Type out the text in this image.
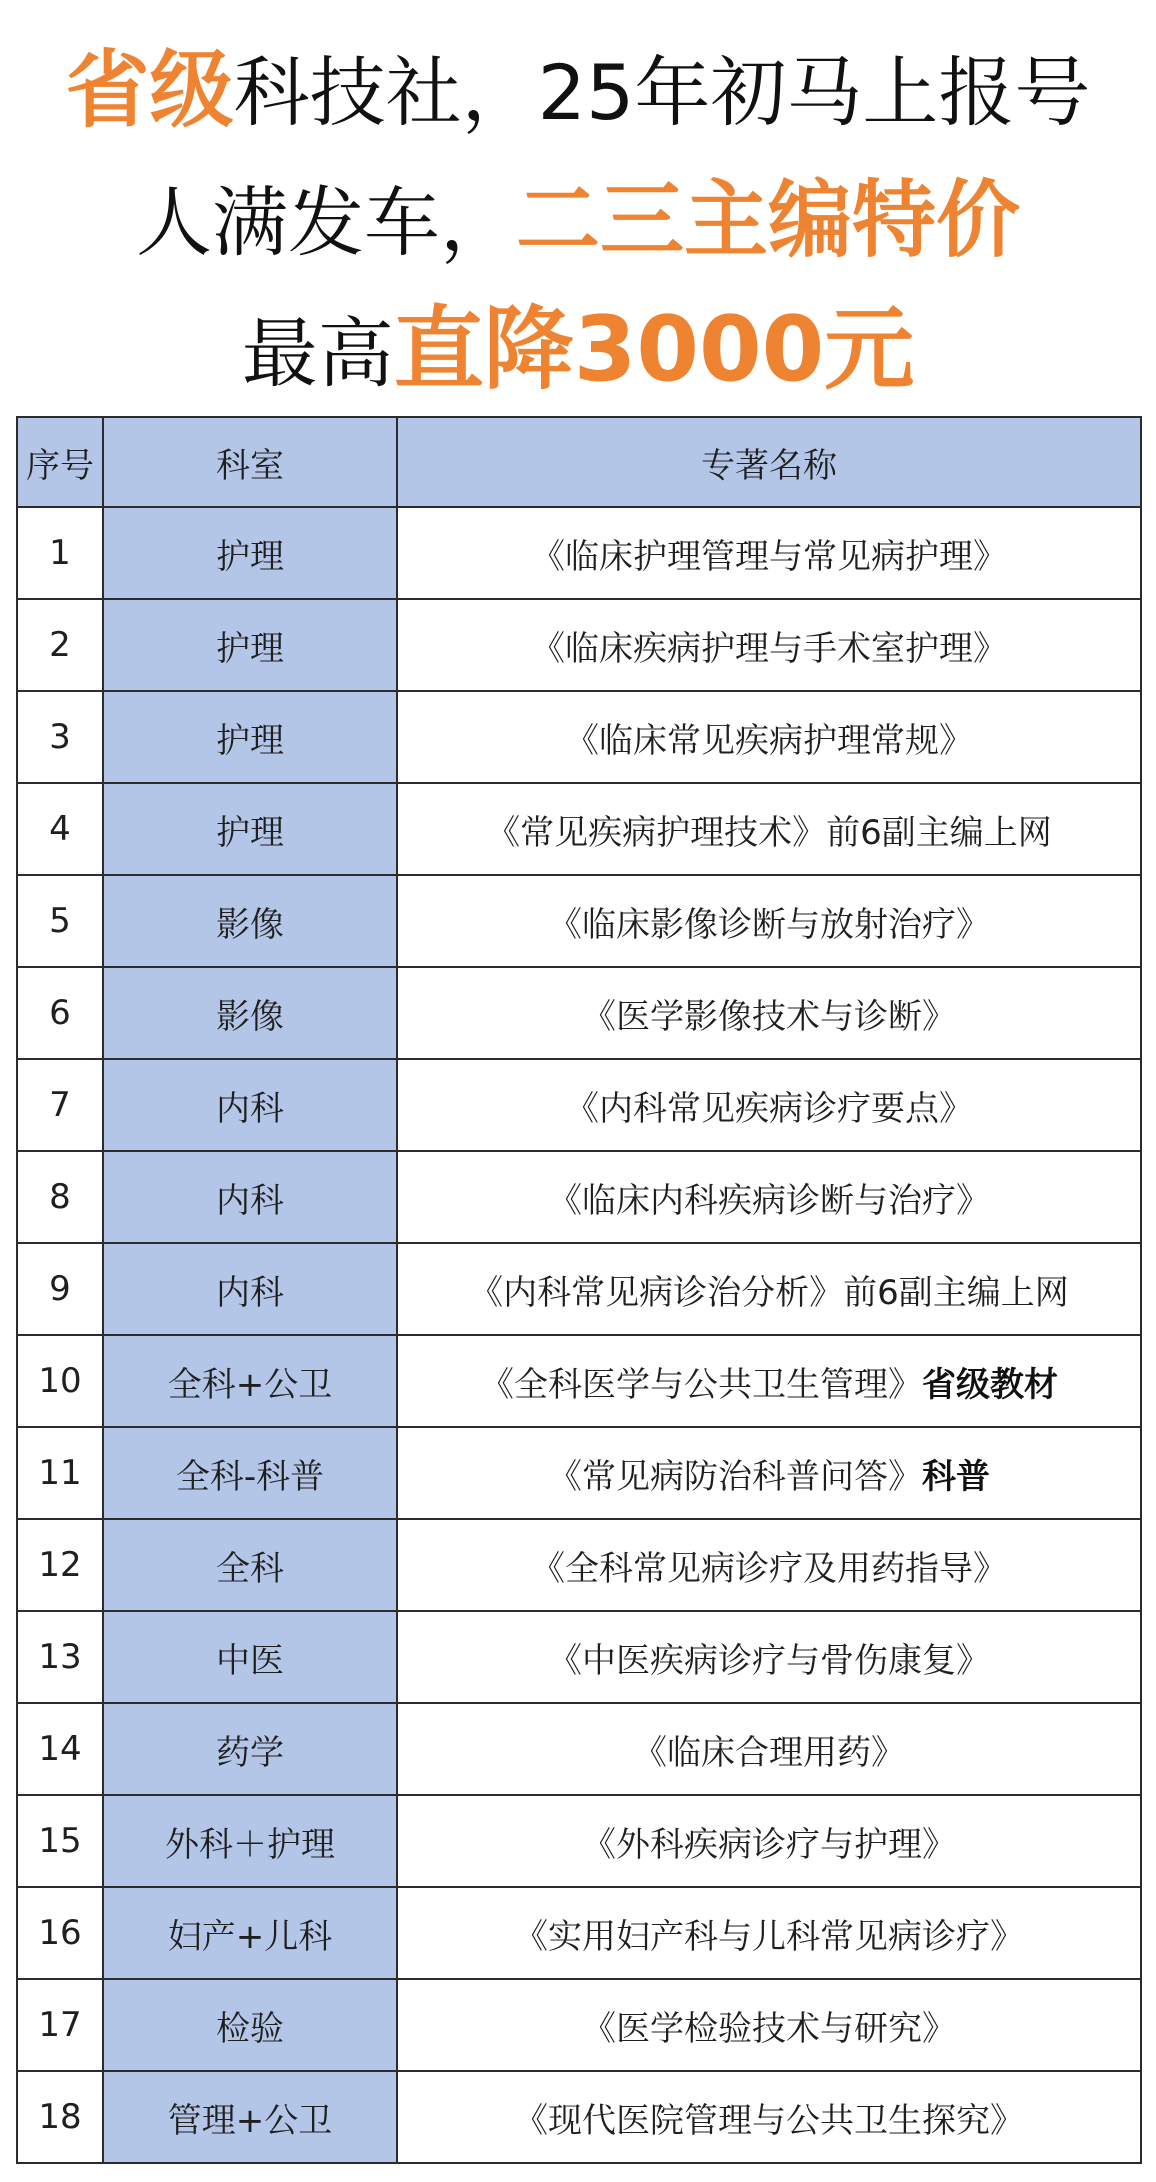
省级科技社，25年初马上报号
人满发车，二三主编特价
最高直降3000元
序号	科室	专著名称
1	护理	《临床护理管理与常见病护理》
2	护理	《临床疾病护理与手术室护理》
3	护理	《临床常见疾病护理常规》
4	护理	《常见疾病护理技术》前6副主编上网
5	影像	《临床影像诊断与放射治疗》
6	影像	《医学影像技术与诊断》
7	内科	《内科常见疾病诊疗要点》
8	内科	《临床内科疾病诊断与治疗》
9	内科	《内科常见病诊治分析》前6副主编上网
10	全科+公卫	《全科医学与公共卫生管理》省级教材
11	全科-科普	《常见病防治科普问答》科普
12	全科	《全科常见病诊疗及用药指导》
13	中医	《中医疾病诊疗与骨伤康复》
14	药学	《临床合理用药》
15	外科＋护理	《外科疾病诊疗与护理》
16	妇产+儿科	《实用妇产科与儿科常见病诊疗》
17	检验	《医学检验技术与研究》
18	管理+公卫	《现代医院管理与公共卫生探究》
